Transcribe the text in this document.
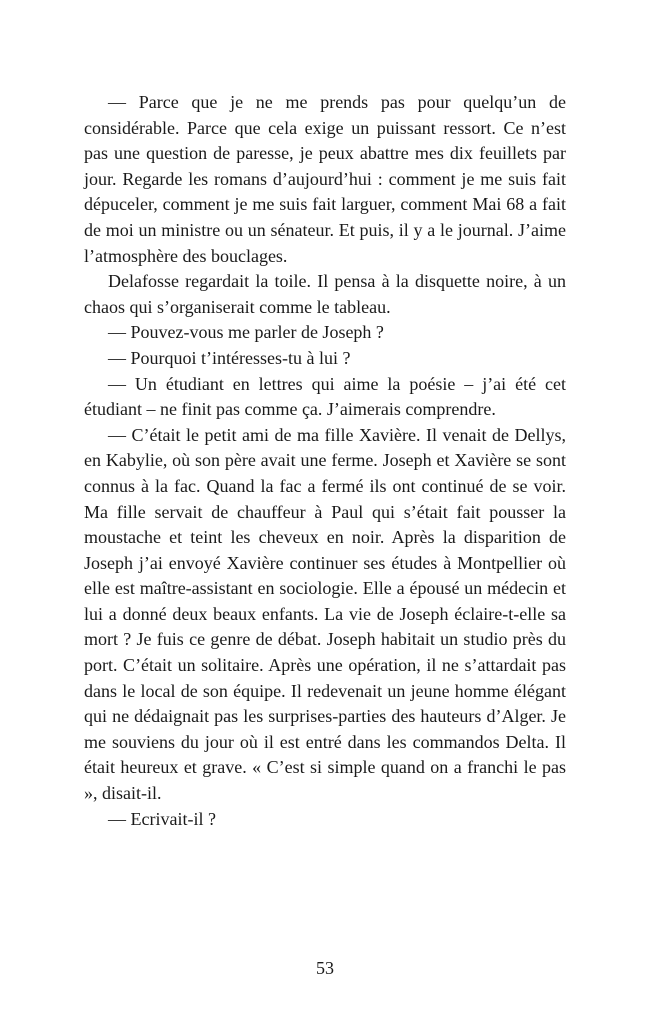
— Parce que je ne me prends pas pour quelqu’un de considérable. Parce que cela exige un puissant ressort. Ce n’est pas une question de paresse, je peux abattre mes dix feuillets par jour. Regarde les romans d’aujourd’hui : comment je me suis fait dépuceler, comment je me suis fait larguer, comment Mai 68 a fait de moi un ministre ou un sénateur. Et puis, il y a le journal. J’aime l’atmosphère des bouclages.

Delafosse regardait la toile. Il pensa à la disquette noire, à un chaos qui s’organiserait comme le tableau.

— Pouvez-vous me parler de Joseph ?

— Pourquoi t’intéresses-tu à lui ?

— Un étudiant en lettres qui aime la poésie – j’ai été cet étudiant – ne finit pas comme ça. J’aimerais comprendre.

— C’était le petit ami de ma fille Xavière. Il venait de Dellys, en Kabylie, où son père avait une ferme. Joseph et Xavière se sont connus à la fac. Quand la fac a fermé ils ont continué de se voir. Ma fille servait de chauffeur à Paul qui s’était fait pousser la moustache et teint les cheveux en noir. Après la disparition de Joseph j’ai envoyé Xavière continuer ses études à Montpellier où elle est maître-assistant en sociologie. Elle a épousé un médecin et lui a donné deux beaux enfants. La vie de Joseph éclaire-t-elle sa mort ? Je fuis ce genre de débat. Joseph habitait un studio près du port. C’était un solitaire. Après une opération, il ne s’attardait pas dans le local de son équipe. Il redevenait un jeune homme élégant qui ne dédaignait pas les surprises-parties des hauteurs d’Alger. Je me souviens du jour où il est entré dans les commandos Delta. Il était heureux et grave. « C’est si simple quand on a franchi le pas », disait-il.

— Ecrivait-il ?

53
